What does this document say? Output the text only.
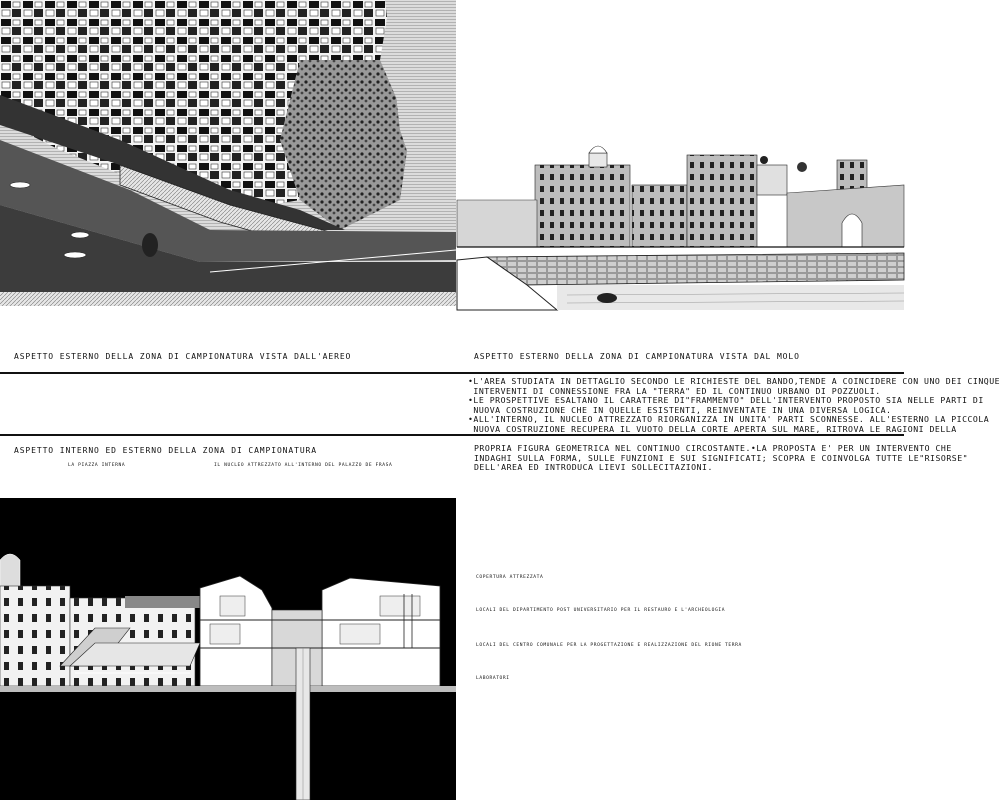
ASPETTO ESTERNO DELLA ZONA DI CAMPIONATURA VISTA DALL'AEREO	ASPETTO ESTERNO DELLA ZONA DI CAMPIONATURA VISTA DAL MOLO
•L'AREA STUDIATA IN DETTAGLIO SECONDO LE RICHIESTE DEL BANDO,TENDE A COINCIDERE CON UNO DEI CINQUE
INTERVENTI DI CONNESSIONE FRA LA "TERRA" ED IL CONTINUO URBANO DI POZZUOLI.
•LE PROSPETTIVE ESALTANO IL CARATTERE DI"FRAMMENTO" DELL'INTERVENTO PROPOSTO SIA NELLE PARTI DI
NUOVA COSTRUZIONE CHE IN QUELLE ESISTENTI, REINVENTATE IN UNA DIVERSA LOGICA.
•ALL'INTERNO, IL NUCLEO ATTREZZATO RIORGANIZZA IN UNITA' PARTI SCONNESSE. ALL'ESTERNO LA PICCOLA
NUOVA COSTRUZIONE RECUPERA IL VUOTO DELLA CORTE APERTA SUL MARE, RITROVA LE RAGIONI DELLA
ASPETTO INTERNO ED ESTERNO DELLA ZONA DI CAMPIONATURA
LA PIAZZA INTERNA	IL NUCLEO ATTREZZATO ALL'INTERNO DEL PALAZZO DE FRASA
PROPRIA FIGURA GEOMETRICA NEL CONTINUO CIRCOSTANTE.•LA PROPOSTA E' PER UN INTERVENTO CHE
INDAGHI SULLA FORMA, SULLE FUNZIONI E SUI SIGNIFICATI; SCOPRA E COINVOLGA TUTTE LE"RISORSE"
DELL'AREA ED INTRODUCA LIEVI SOLLECITAZIONI.
COPERTURA ATTREZZATA
LOCALI DEL DIPARTIMENTO POST UNIVERSITARIO PER IL RESTAURO E L'ARCHEOLOGIA
LOCALI DEL CENTRO COMUNALE PER LA PROGETTAZIONE E REALIZZAZIONE DEL RIONE TERRA
LABORATORI
